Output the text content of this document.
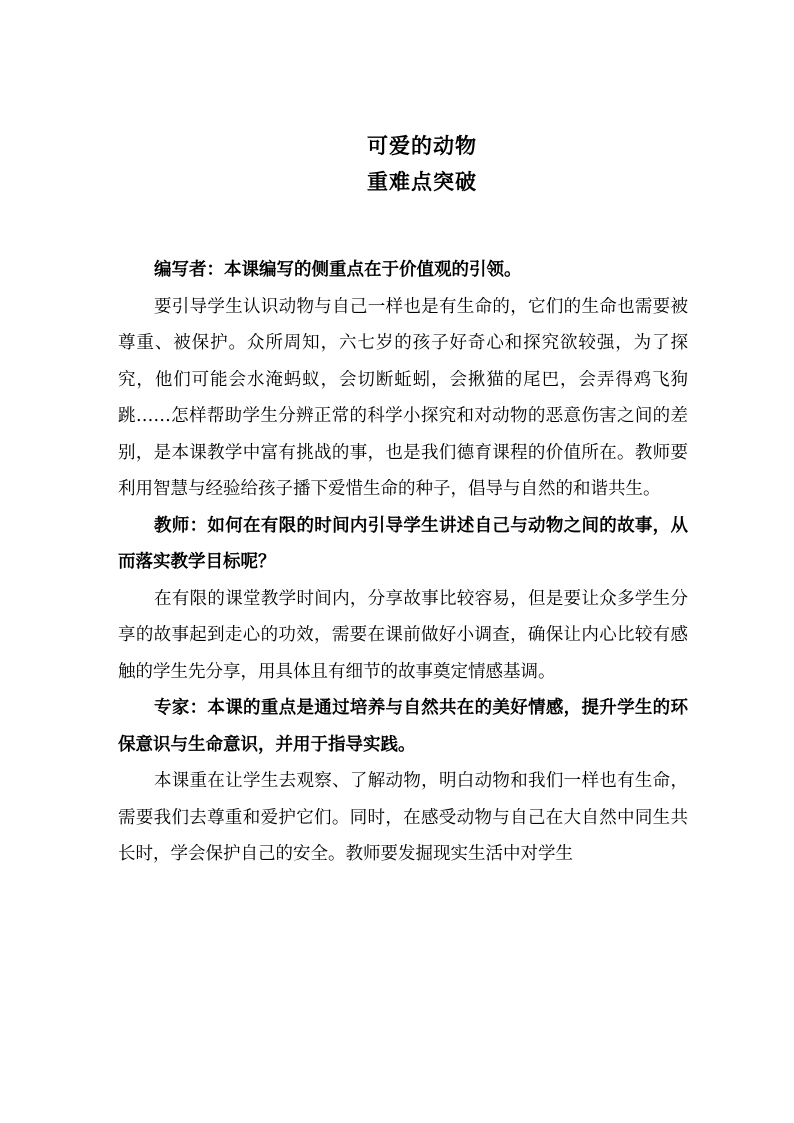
可爱的动物
重难点突破

编写者：本课编写的侧重点在于价值观的引领。

要引导学生认识动物与自己一样也是有生命的，它们的生命也需要被尊重、被保护。众所周知，六七岁的孩子好奇心和探究欲较强，为了探究，他们可能会水淹蚂蚁，会切断蚯蚓，会揪猫的尾巴，会弄得鸡飞狗跳……怎样帮助学生分辨正常的科学小探究和对动物的恶意伤害之间的差别，是本课教学中富有挑战的事，也是我们德育课程的价值所在。教师要利用智慧与经验给孩子播下爱惜生命的种子，倡导与自然的和谐共生。

教师：如何在有限的时间内引导学生讲述自己与动物之间的故事，从而落实教学目标呢？

在有限的课堂教学时间内，分享故事比较容易，但是要让众多学生分享的故事起到走心的功效，需要在课前做好小调查，确保让内心比较有感触的学生先分享，用具体且有细节的故事奠定情感基调。

专家：本课的重点是通过培养与自然共在的美好情感，提升学生的环保意识与生命意识，并用于指导实践。

本课重在让学生去观察、了解动物，明白动物和我们一样也有生命，需要我们去尊重和爱护它们。同时，在感受动物与自己在大自然中同生共长时，学会保护自己的安全。教师要发掘现实生活中对学生
